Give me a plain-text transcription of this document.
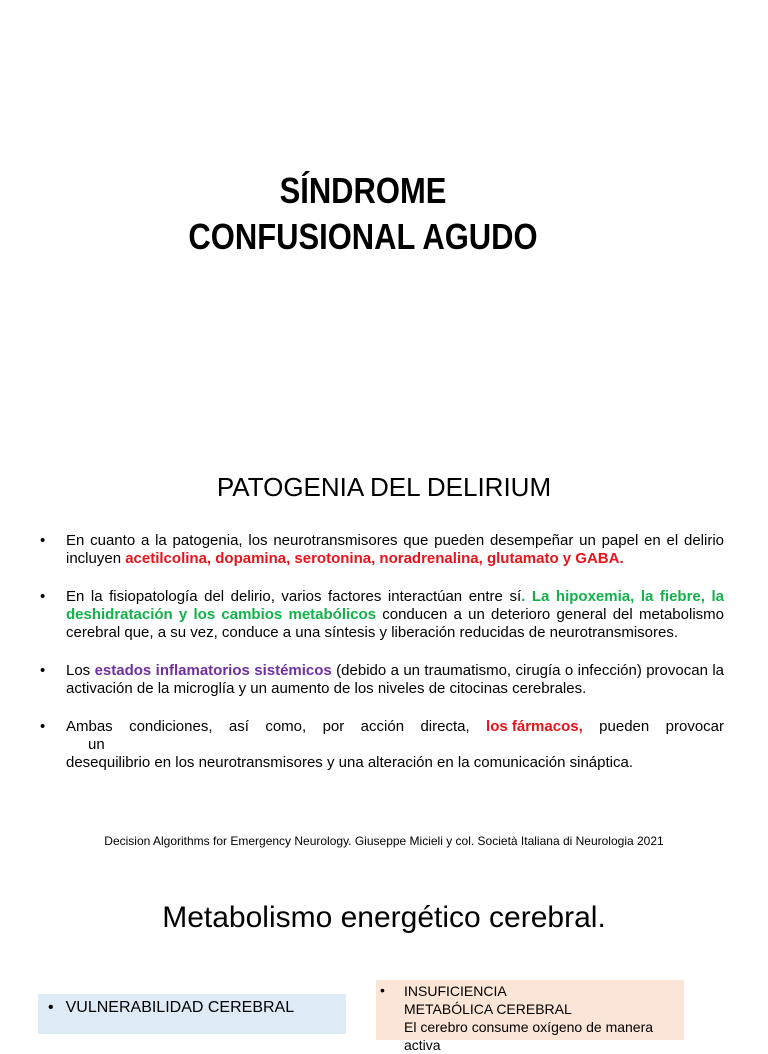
SÍNDROME
CONFUSIONAL AGUDO
PATOGENIA DEL DELIRIUM
• En cuanto a la patogenia, los neurotransmisores que pueden desempeñar un papel en el delirio incluyen acetilcolina, dopamina, serotonina, noradrenalina, glutamato y GABA.
• En la fisiopatología del delirio, varios factores interactúan entre sí. La hipoxemia, la fiebre, la deshidratación y los cambios metabólicos conducen a un deterioro general del metabolismo cerebral que, a su vez, conduce a una síntesis y liberación reducidas de neurotransmisores.
• Los estados inflamatorios sistémicos (debido a un traumatismo, cirugía o infección) provocan la activación de la microglía y un aumento de los niveles de citocinas cerebrales.
• Ambas condiciones, así como, por acción directa, los fármacos, pueden provocar
un
desequilibrio en los neurotransmisores y una alteración en la comunicación sináptica.
Decision Algorithms for Emergency Neurology. Giuseppe Micieli y col. Società Italiana di Neurologia 2021
Metabolismo energético cerebral.
• VULNERABILIDAD CEREBRAL
• INSUFICIENCIA
METABÓLICA CEREBRAL
El cerebro consume oxígeno de manera activa
